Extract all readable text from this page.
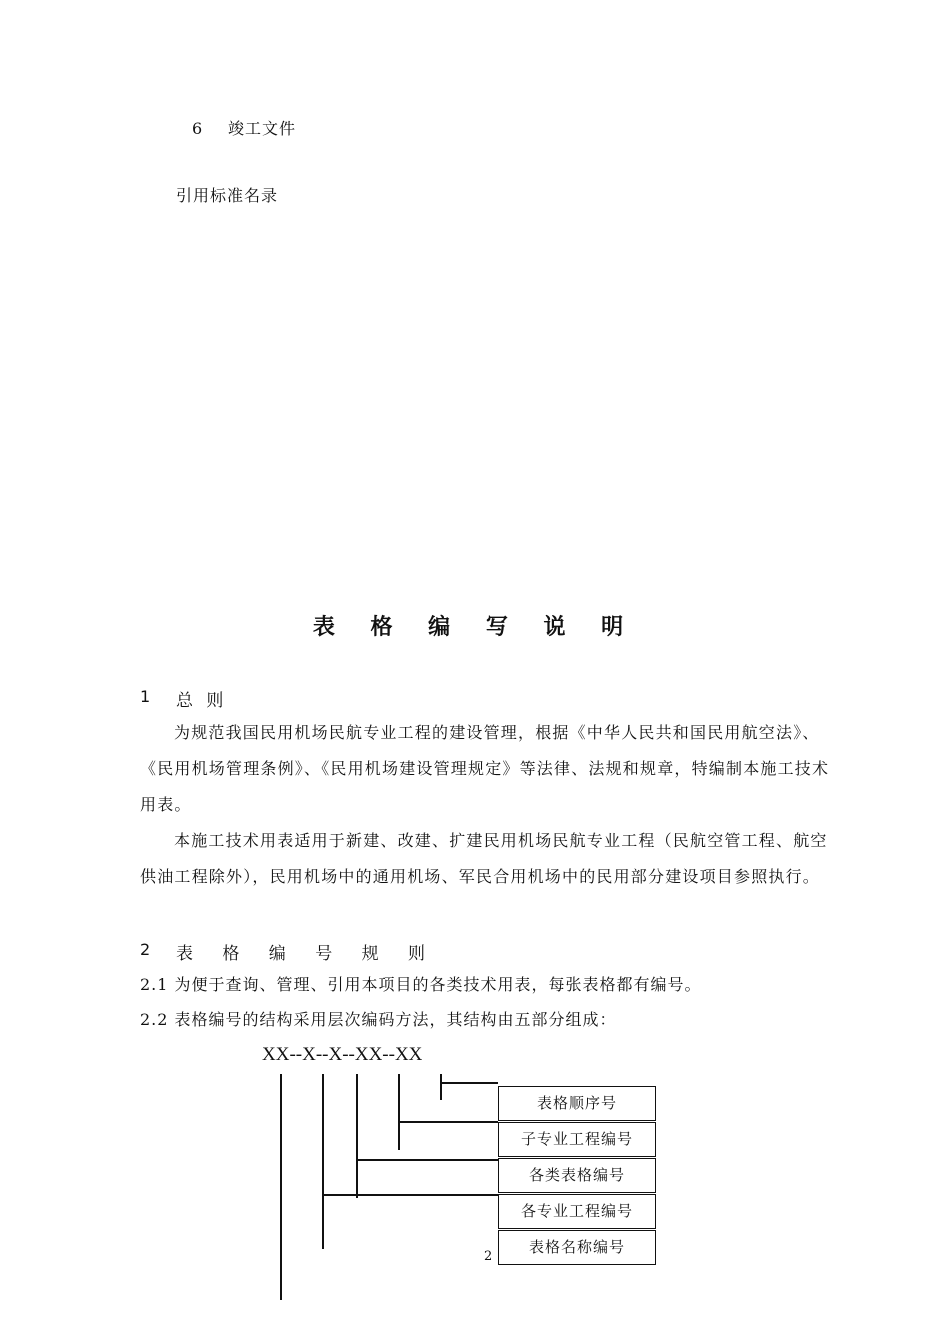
6 竣工文件
引用标准名录
表 格 编 写 说 明
1 总 则
为规范我国民用机场民航专业工程的建设管理，根据《中华人民共和国民用航空法》、《民用机场管理条例》、《民用机场建设管理规定》等法律、法规和规章，特编制本施工技术用表。
本施工技术用表适用于新建、改建、扩建民用机场民航专业工程（民航空管工程、航空供油工程除外），民用机场中的通用机场、军民合用机场中的民用部分建设项目参照执行。
2 表 格 编 号 规 则
2.1 为便于查询、管理、引用本项目的各类技术用表，每张表格都有编号。
2.2 表格编号的结构采用层次编码方法，其结构由五部分组成：
XX--X--X--XX--XX
表格顺序号
子专业工程编号
各类表格编号
各专业工程编号
表格名称编号
2
